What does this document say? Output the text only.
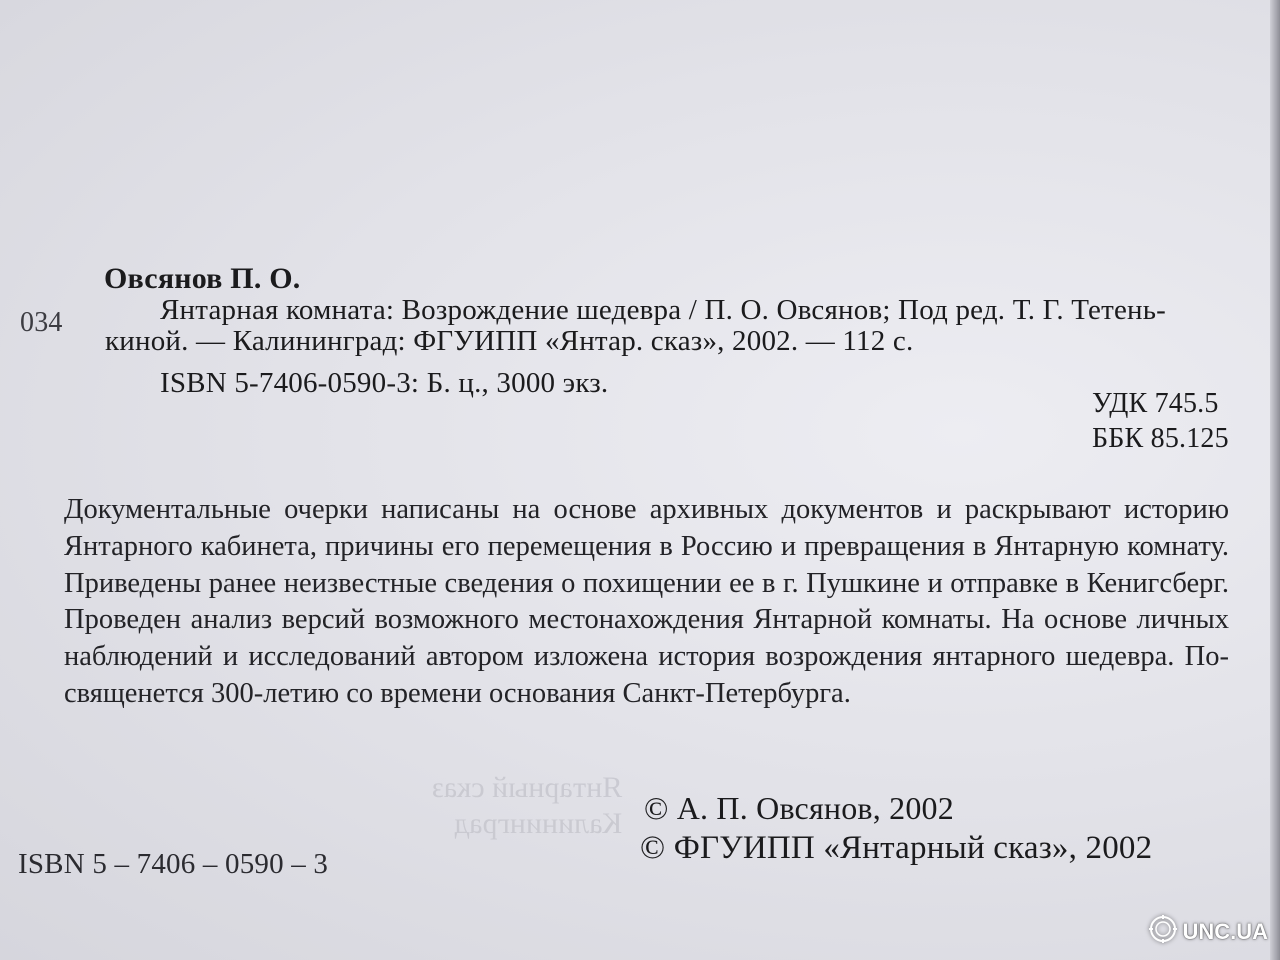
Овсянов П. О.
034	Янтарная комната: Возрождение шедевра / П. О. Овсянов; Под ред. Т. Г. Тетень-
киной. — Калининград: ФГУИПП «Янтар. сказ», 2002. — 112 с.
ISBN 5-7406-0590-3: Б. ц., 3000 экз.
УДК 745.5
ББК 85.125
Документальные очерки написаны на основе архивных документов и раскрывают историю
Янтарного кабинета, причины его перемещения в Россию и превращения в Янтарную комнату.
Приведены ранее неизвестные сведения о похищении ее в г. Пушкине и отправке в Кенигсберг.
Проведен анализ версий возможного местонахождения Янтарной комнаты. На основе личных
наблюдений и исследований автором изложена история возрождения янтарного шедевра. По-
священется 300-летию со времени основания Санкт-Петербурга.
Янтарный сказ
Калининград © А. П. Овсянов, 2002
© ФГУИПП «Янтарный сказ», 2002
ISBN 5 – 7406 – 0590 – 3
UNC.UA
